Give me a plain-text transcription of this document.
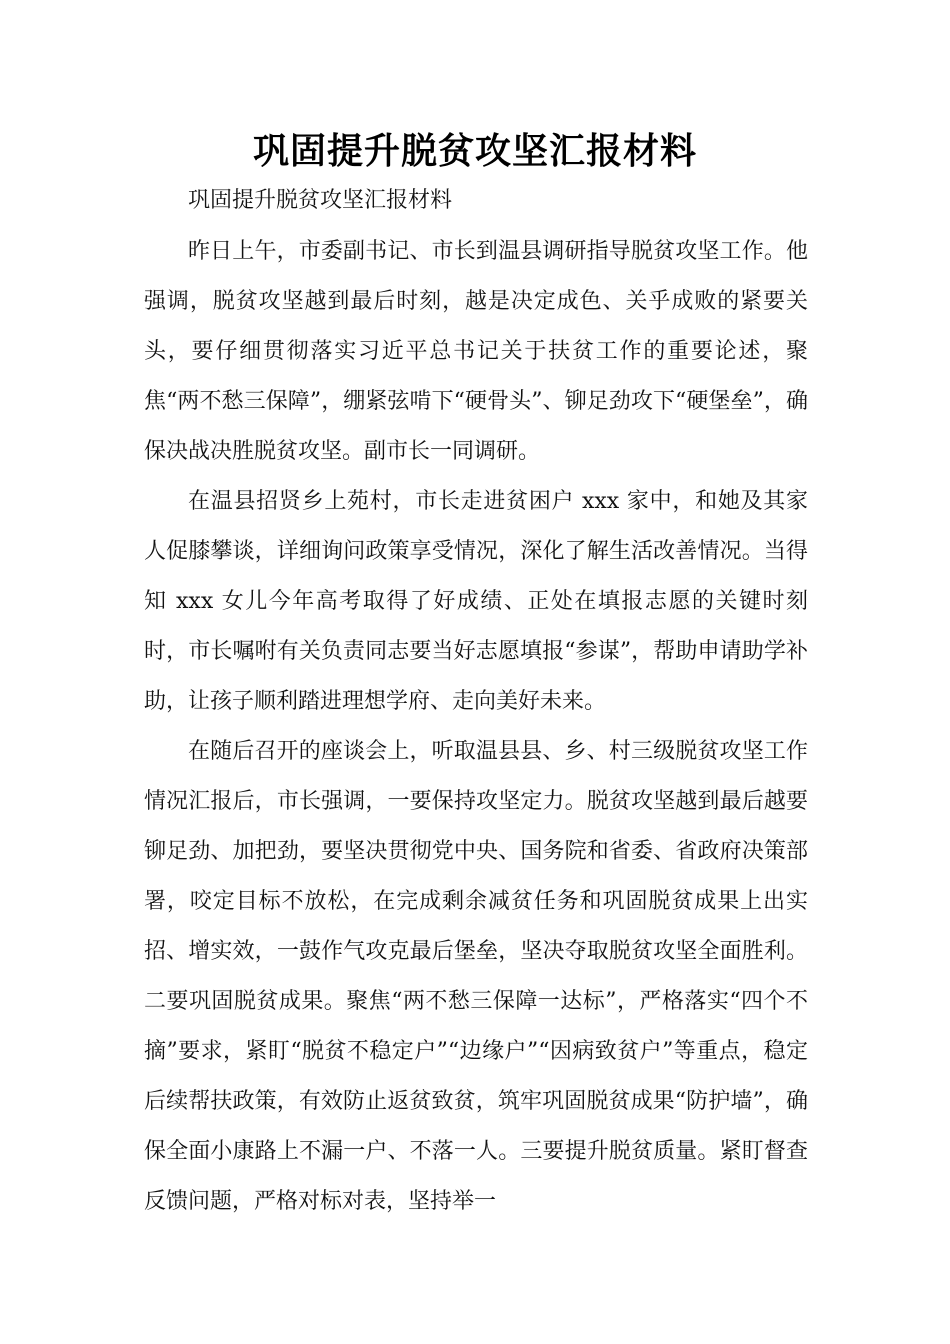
巩固提升脱贫攻坚汇报材料
巩固提升脱贫攻坚汇报材料

昨日上午，市委副书记、市长到温县调研指导脱贫攻坚工作。他强调，脱贫攻坚越到最后时刻，越是决定成色、关乎成败的紧要关头，要仔细贯彻落实习近平总书记关于扶贫工作的重要论述，聚焦“两不愁三保障”，绷紧弦啃下“硬骨头”、铆足劲攻下“硬堡垒”，确保决战决胜脱贫攻坚。副市长一同调研。

在温县招贤乡上苑村，市长走进贫困户 xxx 家中，和她及其家人促膝攀谈，详细询问政策享受情况，深化了解生活改善情况。当得知 xxx 女儿今年高考取得了好成绩、正处在填报志愿的关键时刻时，市长嘱咐有关负责同志要当好志愿填报“参谋”，帮助申请助学补助，让孩子顺利踏进理想学府、走向美好未来。

在随后召开的座谈会上，听取温县县、乡、村三级脱贫攻坚工作情况汇报后，市长强调，一要保持攻坚定力。脱贫攻坚越到最后越要铆足劲、加把劲，要坚决贯彻党中央、国务院和省委、省政府决策部署，咬定目标不放松，在完成剩余减贫任务和巩固脱贫成果上出实招、增实效，一鼓作气攻克最后堡垒，坚决夺取脱贫攻坚全面胜利。二要巩固脱贫成果。聚焦“两不愁三保障一达标”，严格落实“四个不摘”要求，紧盯“脱贫不稳定户”“边缘户”“因病致贫户”等重点，稳定后续帮扶政策，有效防止返贫致贫，筑牢巩固脱贫成果“防护墙”，确保全面小康路上不漏一户、不落一人。三要提升脱贫质量。紧盯督查反馈问题，严格对标对表，坚持举一
